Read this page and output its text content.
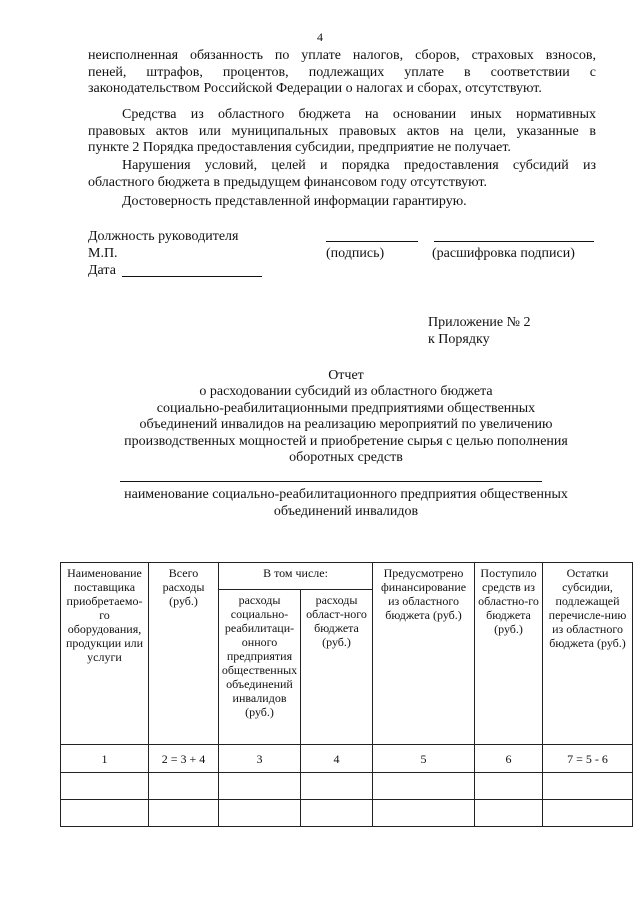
4
неисполненная обязанность по уплате налогов, сборов, страховых взносов,
пеней, штрафов, процентов, подлежащих уплате в соответствии с
законодательством Российской Федерации о налогах и сборах, отсутствуют.
Средства из областного бюджета на основании иных нормативных
правовых актов или муниципальных правовых актов на цели, указанные в
пункте 2 Порядка предоставления субсидии, предприятие не получает.
Нарушения условий, целей и порядка предоставления субсидий из
областного бюджета в предыдущем финансовом году отсутствуют.
Достоверность представленной информации гарантирую.
Должность руководителя
М.П.
Дата
(подпись)	(расшифровка подписи)
Приложение № 2
к Порядку
Отчет
о расходовании субсидий из областного бюджета
социально-реабилитационными предприятиями общественных
объединений инвалидов на реализацию мероприятий по увеличению
производственных мощностей и приобретение сырья с целью пополнения
оборотных средств
наименование социально-реабилитационного предприятия общественных
объединений инвалидов
Наименование поставщика приобретаемо-го оборудования, продукции или услуги	Всего расходы (руб.)	В том числе:		Предусмотрено финансирование из областного бюджета (руб.)	Поступило средств из областно-го бюджета (руб.)	Остатки субсидии, подлежащей перечисле-нию из областного бюджета (руб.)
		расходы социально-реабилитаци-онного предприятия общественных объединений инвалидов (руб.)	расходы област-ного бюджета (руб.)			
1	2 = 3 + 4	3	4	5	6	7 = 5 - 6
